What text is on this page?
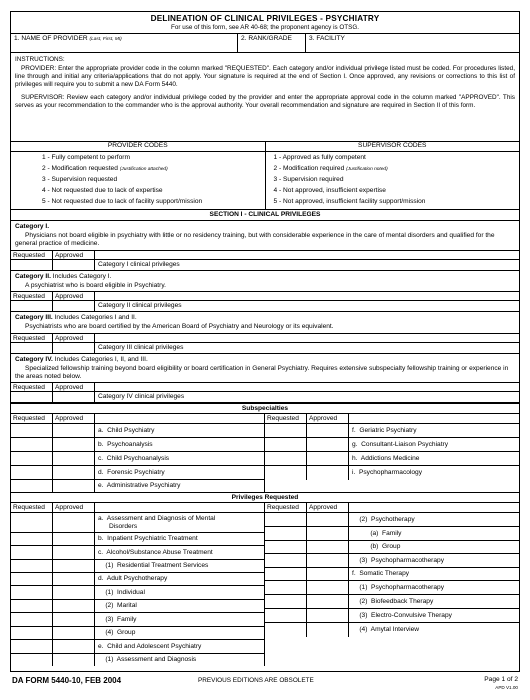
DELINEATION OF CLINICAL PRIVILEGES - PSYCHIATRY
For use of this form, see AR 40-68; the proponent agency is OTSG.
1. NAME OF PROVIDER (Last, First, MI)	2. RANK/GRADE	3. FACILITY

INSTRUCTIONS:

PROVIDER: Enter the appropriate provider code in the column marked "REQUESTED". Each category and/or individual privilege listed must be coded. For procedures listed, line through and initial any criteria/applications that do not apply. Your signature is required at the end of Section I. Once approved, any revisions or corrections to this list of privileges will require you to submit a new DA Form 5440.

SUPERVISOR: Review each category and/or individual privilege coded by the provider and enter the appropriate approval code in the column marked "APPROVED". This serves as your recommendation to the commander who is the approval authority. Your overall recommendation and signature are required in Section II of this form.

PROVIDER CODES
1 - Fully competent to perform
2 - Modification requested (Justification attached)
3 - Supervision requested
4 - Not requested due to lack of expertise
5 - Not requested due to lack of facility support/mission
SUPERVISOR CODES
1 - Approved as fully competent
2 - Modification required (Justification noted)
3 - Supervision required
4 - Not approved, insufficient expertise
5 - Not approved, insufficient facility support/mission
SECTION I - CLINICAL PRIVILEGES
Category I.

Physicians not board eligible in psychiatry with little or no residency training, but with considerable experience in the care of mental disorders and qualified for the general practice of medicine.

Requested	Approved
Category I clinical privileges
Category II. Includes Category I.

A psychiatrist who is board eligible in Psychiatry.

Requested	Approved
Category II clinical privileges
Category III. Includes Categories I and II.

Psychiatrists who are board certified by the American Board of Psychiatry and Neurology or its equivalent.

Requested	Approved
Category III clinical privileges
Category IV. Includes Categories I, II, and III.

Specialized fellowship training beyond board eligibility or board certification in General Psychiatry. Requires extensive subspecialty fellowship training or experience in the areas noted below.

Requested	Approved
Category IV clinical privileges
Subspecialties
Requested	Approved
a.  Child Psychiatry
b.  Psychoanalysis
c.  Child Psychoanalysis
d.  Forensic Psychiatry
e.  Administrative Psychiatry
Requested	Approved
f.  Geriatric Psychiatry
g.  Consultant-Liaison Psychiatry
h.  Addictions Medicine
i.  Psychopharmacology
Privileges Requested
Requested	Approved
a.  Assessment and Diagnosis of Mental
Disorders
b.  Inpatient Psychiatric Treatment
c.  Alcohol/Substance Abuse Treatment
(1)  Residential Treatment Services
d.  Adult Psychotherapy
(1)  Individual
(2)  Marital
(3)  Family
(4)  Group
e.  Child and Adolescent Psychiatry
(1)  Assessment and Diagnosis
Requested	Approved
(2)  Psychotherapy
(a)  Family
(b)  Group
(3)  Psychopharmacotherapy
f.  Somatic Therapy
(1)  Psychopharmacotherapy
(2)  Biofeedback Therapy
(3)  Electro-Convulsive Therapy
(4)  Amytal Interview
DA FORM 5440-10, FEB 2004	PREVIOUS EDITIONS ARE OBSOLETE	Page 1 of 2
APD V1.00
